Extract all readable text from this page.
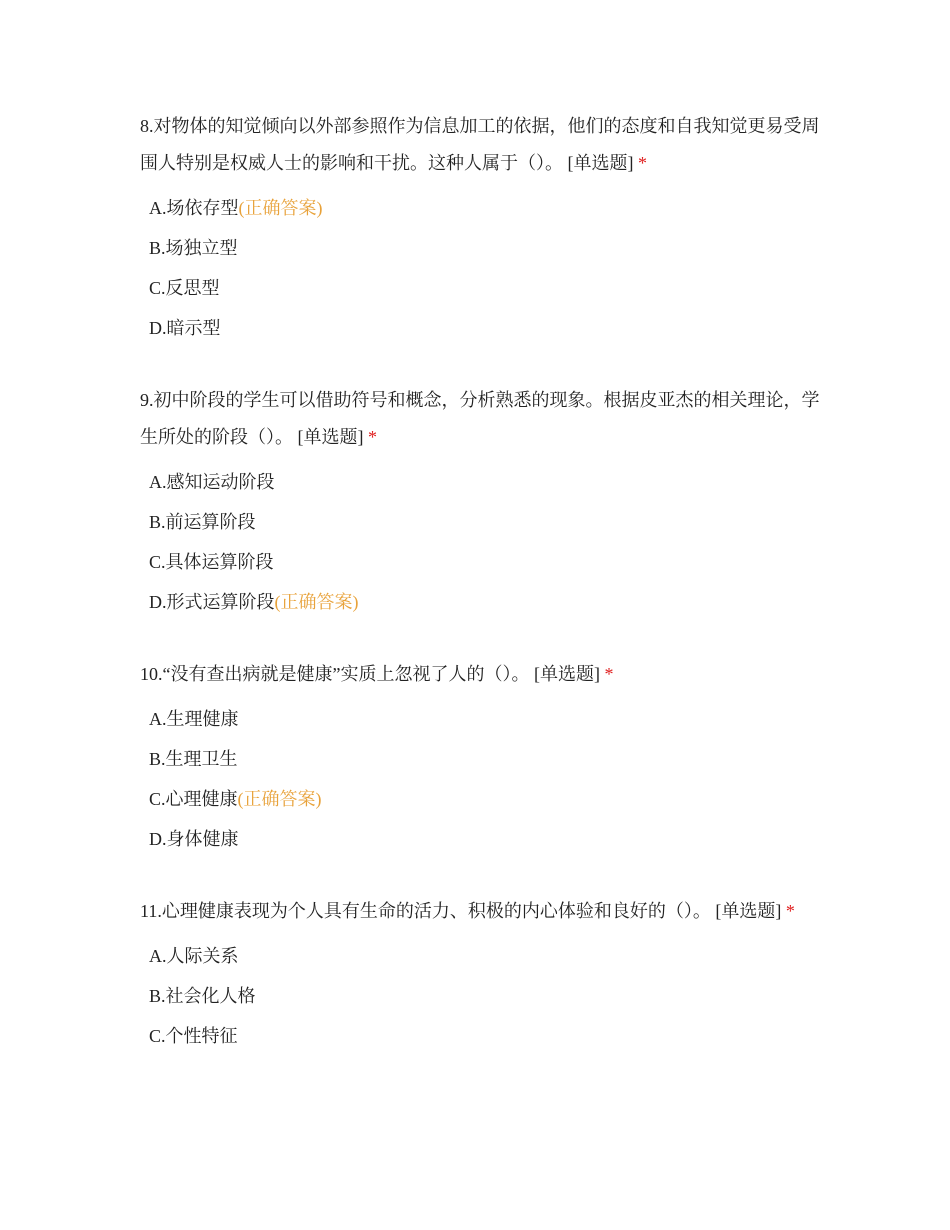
8.对物体的知觉倾向以外部参照作为信息加工的依据，他们的态度和自我知觉更易受周围人特别是权威人士的影响和干扰。这种人属于（）。 [单选题] *

A.场依存型(正确答案)
B.场独立型
C.反思型
D.暗示型

9.初中阶段的学生可以借助符号和概念，分析熟悉的现象。根据皮亚杰的相关理论，学生所处的阶段（）。 [单选题] *

A.感知运动阶段
B.前运算阶段
C.具体运算阶段
D.形式运算阶段(正确答案)

10.“没有查出病就是健康”实质上忽视了人的（）。 [单选题] *

A.生理健康
B.生理卫生
C.心理健康(正确答案)
D.身体健康

11.心理健康表现为个人具有生命的活力、积极的内心体验和良好的（）。 [单选题] *

A.人际关系
B.社会化人格
C.个性特征
